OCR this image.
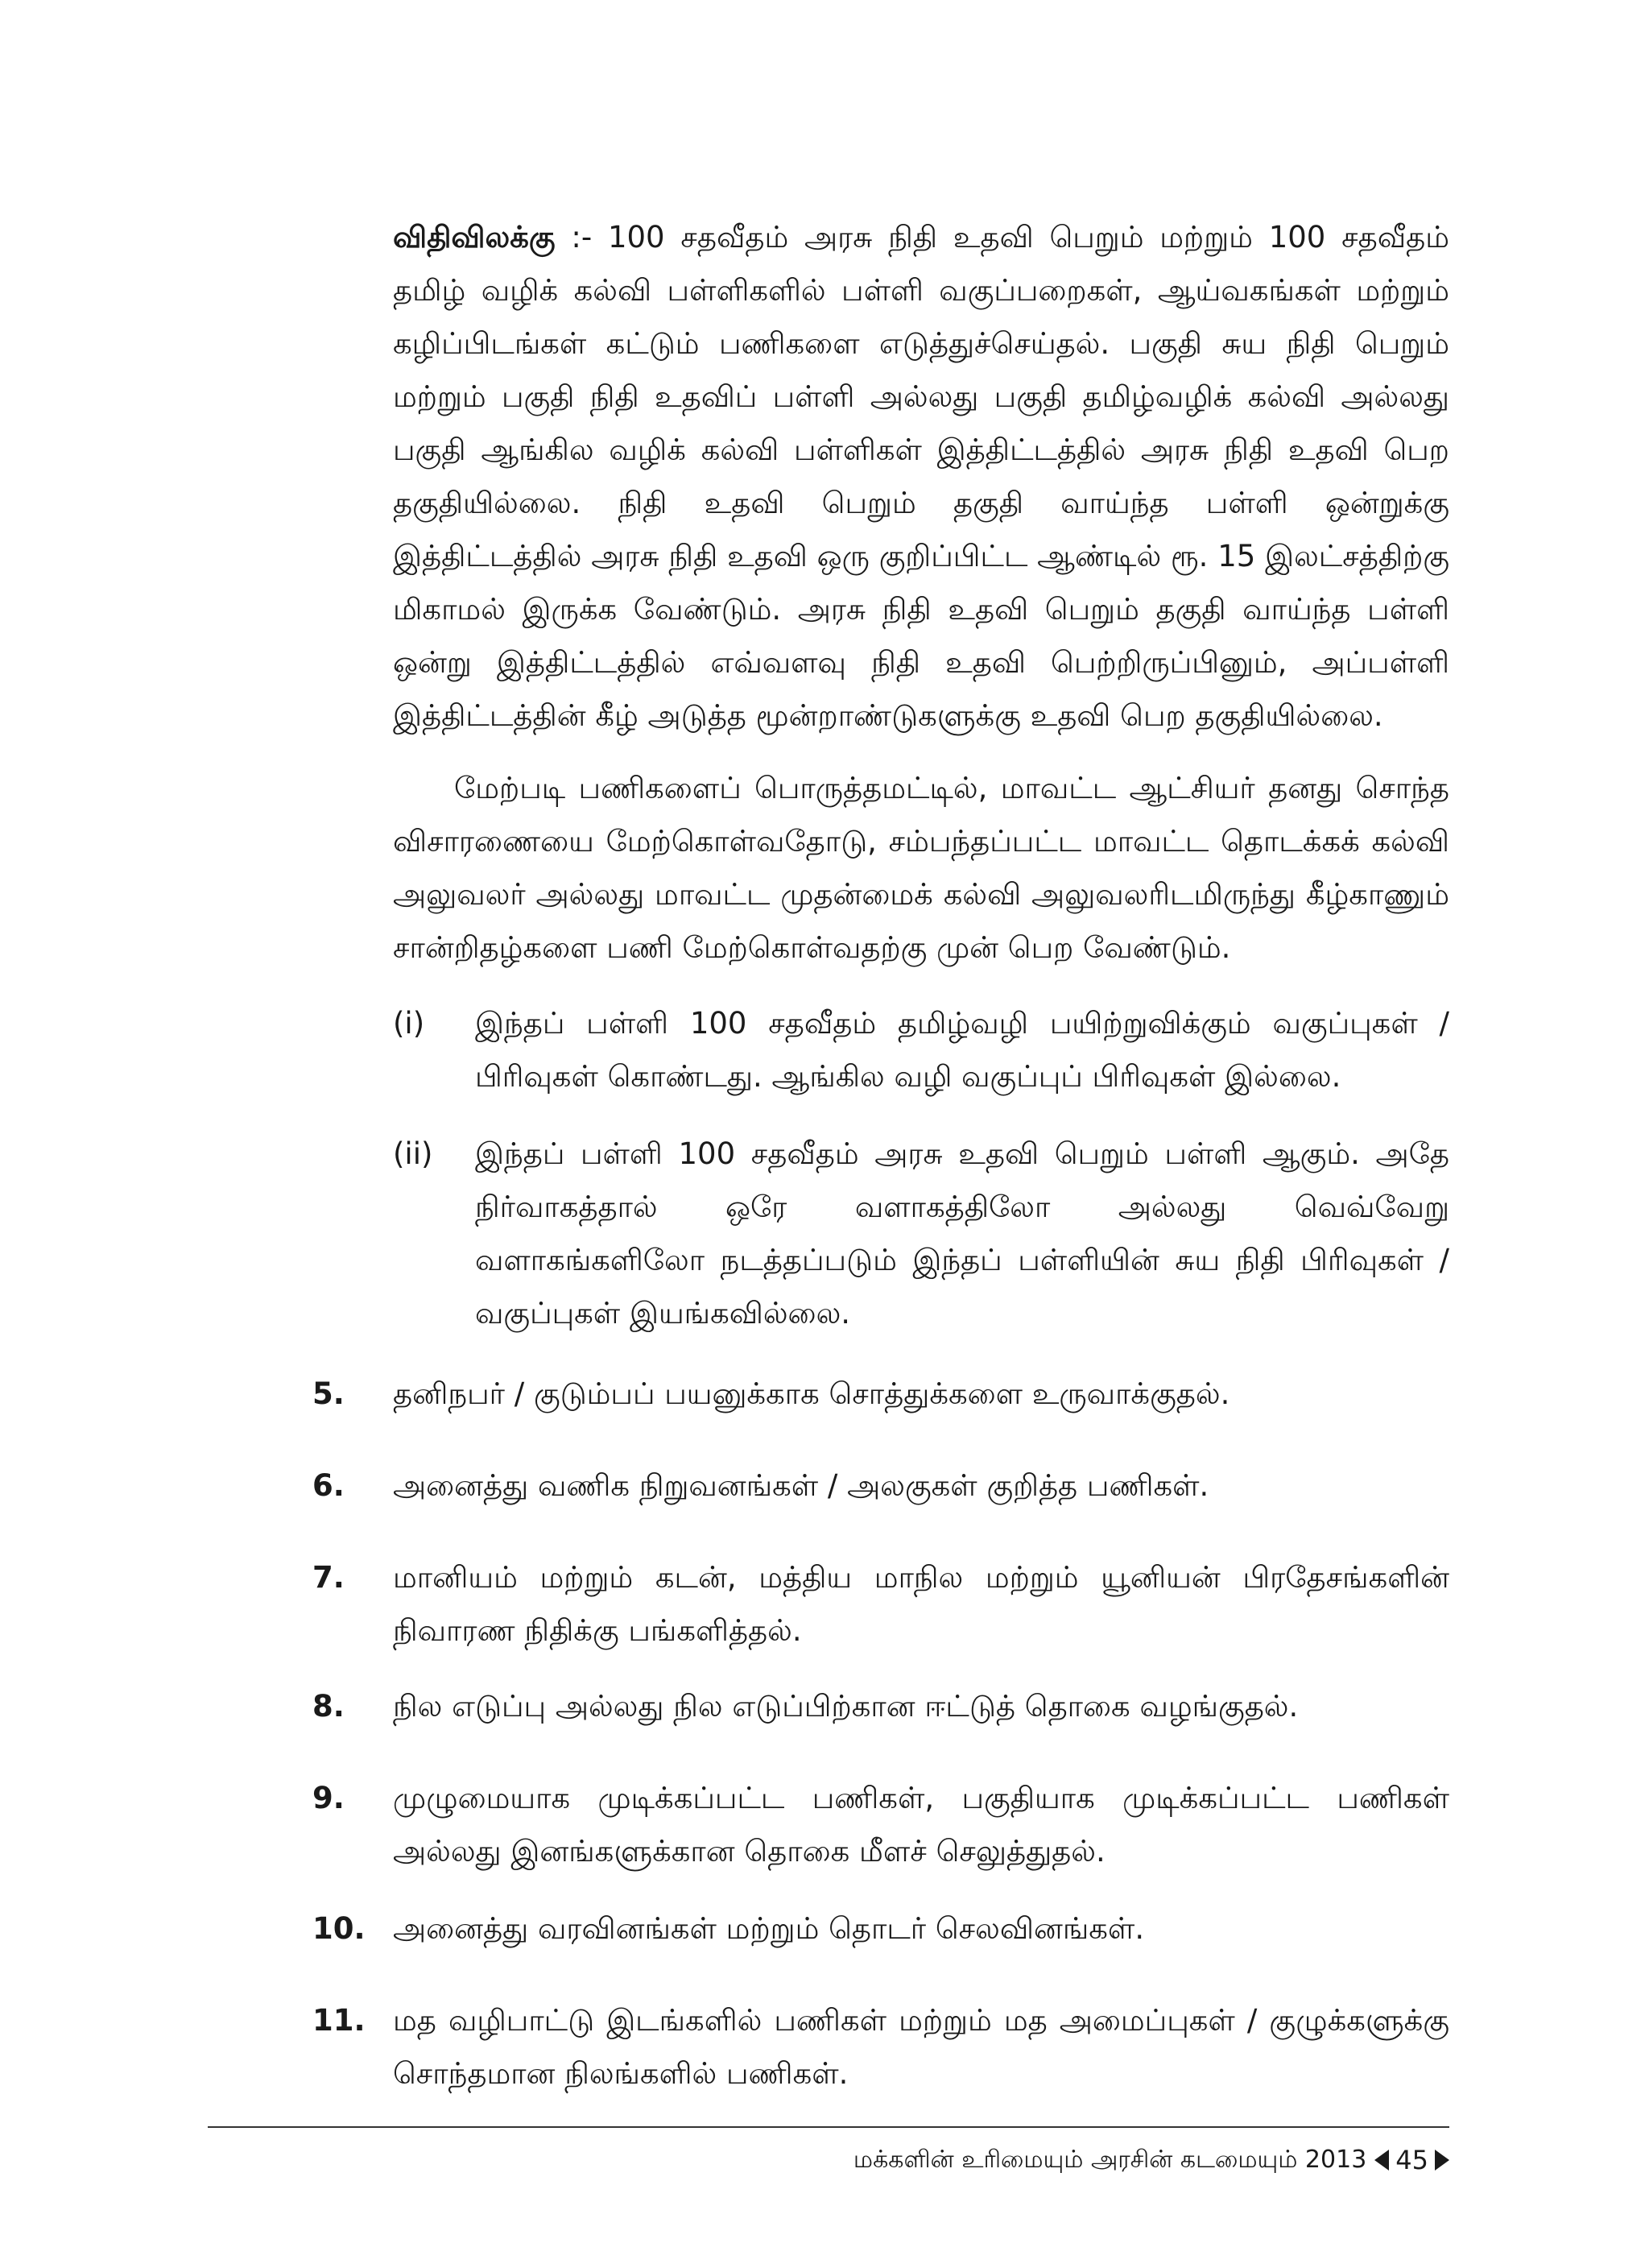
விதிவிலக்கு :- 100 சதவீதம் அரசு நிதி உதவி பெறும் மற்றும் 100 சதவீதம் தமிழ் வழிக் கல்வி பள்ளிகளில் பள்ளி வகுப்பறைகள், ஆய்வகங்கள் மற்றும் கழிப்பிடங்கள் கட்டும் பணிகளை எடுத்துச்செய்தல். பகுதி சுய நிதி பெறும் மற்றும் பகுதி நிதி உதவிப் பள்ளி அல்லது பகுதி தமிழ்வழிக் கல்வி அல்லது பகுதி ஆங்கில வழிக் கல்வி பள்ளிகள் இத்திட்டத்தில் அரசு நிதி உதவி பெற தகுதியில்லை. நிதி உதவி பெறும் தகுதி வாய்ந்த பள்ளி ஒன்றுக்கு இத்திட்டத்தில் அரசு நிதி உதவி ஒரு குறிப்பிட்ட ஆண்டில் ரூ. 15 இலட்சத்திற்கு மிகாமல் இருக்க வேண்டும். அரசு நிதி உதவி பெறும் தகுதி வாய்ந்த பள்ளி ஒன்று இத்திட்டத்தில் எவ்வளவு நிதி உதவி பெற்றிருப்பினும், அப்பள்ளி இத்திட்டத்தின் கீழ் அடுத்த மூன்றாண்டுகளுக்கு உதவி பெற தகுதியில்லை.

மேற்படி பணிகளைப் பொருத்தமட்டில், மாவட்ட ஆட்சியர் தனது சொந்த விசாரணையை மேற்கொள்வதோடு, சம்பந்தப்பட்ட மாவட்ட தொடக்கக் கல்வி அலுவலர் அல்லது மாவட்ட முதன்மைக் கல்வி அலுவலரிடமிருந்து கீழ்காணும் சான்றிதழ்களை பணி மேற்கொள்வதற்கு முன் பெற வேண்டும்.

(i) இந்தப் பள்ளி 100 சதவீதம் தமிழ்வழி பயிற்றுவிக்கும் வகுப்புகள் / பிரிவுகள் கொண்டது. ஆங்கில வழி வகுப்புப் பிரிவுகள் இல்லை.
(ii) இந்தப் பள்ளி 100 சதவீதம் அரசு உதவி பெறும் பள்ளி ஆகும். அதே நிர்வாகத்தால் ஒரே வளாகத்திலோ அல்லது வெவ்வேறு வளாகங்களிலோ நடத்தப்படும் இந்தப் பள்ளியின் சுய நிதி பிரிவுகள் / வகுப்புகள் இயங்கவில்லை.
5. தனிநபர் / குடும்பப் பயனுக்காக சொத்துக்களை உருவாக்குதல்.
6. அனைத்து வணிக நிறுவனங்கள் / அலகுகள் குறித்த பணிகள்.
7. மானியம் மற்றும் கடன், மத்திய மாநில மற்றும் யூனியன் பிரதேசங்களின் நிவாரண நிதிக்கு பங்களித்தல்.
8. நில எடுப்பு அல்லது நில எடுப்பிற்கான ஈட்டுத் தொகை வழங்குதல்.
9. முழுமையாக முடிக்கப்பட்ட பணிகள், பகுதியாக முடிக்கப்பட்ட பணிகள் அல்லது இனங்களுக்கான தொகை மீளச் செலுத்துதல்.
10. அனைத்து வரவினங்கள் மற்றும் தொடர் செலவினங்கள்.
11. மத வழிபாட்டு இடங்களில் பணிகள் மற்றும் மத அமைப்புகள் / குழுக்களுக்கு சொந்தமான நிலங்களில் பணிகள்.
மக்களின் உரிமையும் அரசின் கடமையும் 2013 45
